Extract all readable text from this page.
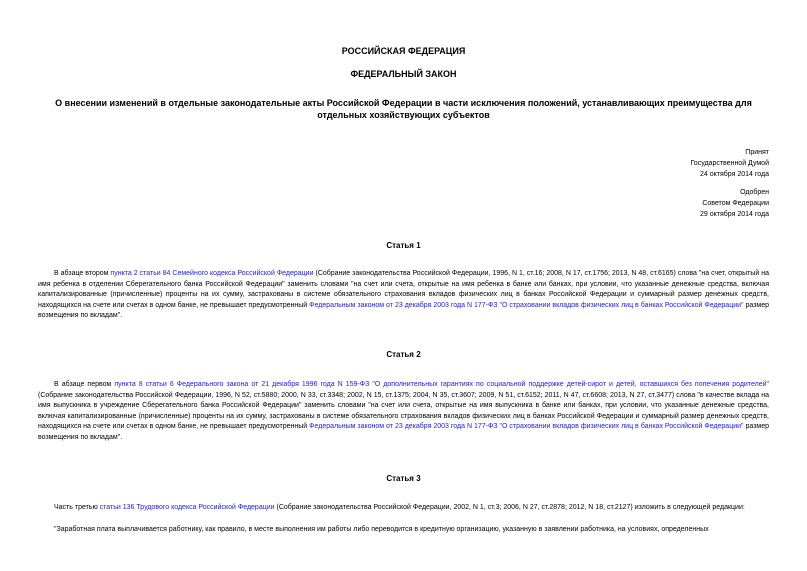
РОССИЙСКАЯ ФЕДЕРАЦИЯ
ФЕДЕРАЛЬНЫЙ ЗАКОН
О внесении изменений в отдельные законодательные акты Российской Федерации в части исключения положений, устанавливающих преимущества для отдельных хозяйствующих субъектов
Принят
Государственной Думой
24 октября 2014 года
Одобрен
Советом Федерации
29 октября 2014 года
Статья 1
В абзаце втором пункта 2 статьи 84 Семейного кодекса Российской Федерации (Собрание законодательства Российской Федерации, 1996, N 1, ст.16; 2008, N 17, ст.1756; 2013, N 48, ст.6165) слова "на счет, открытый на имя ребенка в отделении Сберегательного банка Российской Федерации" заменить словами "на счет или счета, открытые на имя ребенка в банке или банках, при условии, что указанные денежные средства, включая капитализированные (причисленные) проценты на их сумму, застрахованы в системе обязательного страхования вкладов физических лиц в банках Российской Федерации и суммарный размер денежных средств, находящихся на счете или счетах в одном банке, не превышает предусмотренный Федеральным законом от 23 декабря 2003 года N 177-ФЗ "О страховании вкладов физических лиц в банках Российской Федерации" размер возмещения по вкладам".
Статья 2
В абзаце первом пункта 8 статьи 6 Федерального закона от 21 декабря 1996 года N 159-ФЗ "О дополнительных гарантиях по социальной поддержке детей-сирот и детей, оставшихся без попечения родителей" (Собрание законодательства Российской Федерации, 1996, N 52, ст.5880; 2000, N 33, ст.3348; 2002, N 15, ст.1375; 2004, N 35, ст.3607; 2009, N 51, ст.6152; 2011, N 47, ст.6608; 2013, N 27, ст.3477) слова "в качестве вклада на имя выпускника в учреждение Сберегательного банка Российской Федерации" заменить словами "на счет или счета, открытые на имя выпускника в банке или банках, при условии, что указанные денежные средства, включая капитализированные (причисленные) проценты на их сумму, застрахованы в системе обязательного страхования вкладов физических лиц в банках Российской Федерации и суммарный размер денежных средств, находящихся на счете или счетах в одном банке, не превышает предусмотренный Федеральным законом от 23 декабря 2003 года N 177-ФЗ "О страховании вкладов физических лиц в банках Российской Федерации" размер возмещения по вкладам".
Статья 3
Часть третью статьи 136 Трудового кодекса Российской Федерации (Собрание законодательства Российской Федерации, 2002, N 1, ст.3; 2006, N 27, ст.2878; 2012, N 18, ст.2127) изложить в следующей редакции:
"Заработная плата выплачивается работнику, как правило, в месте выполнения им работы либо переводится в кредитную организацию, указанную в заявлении работника, на условиях, определенных
